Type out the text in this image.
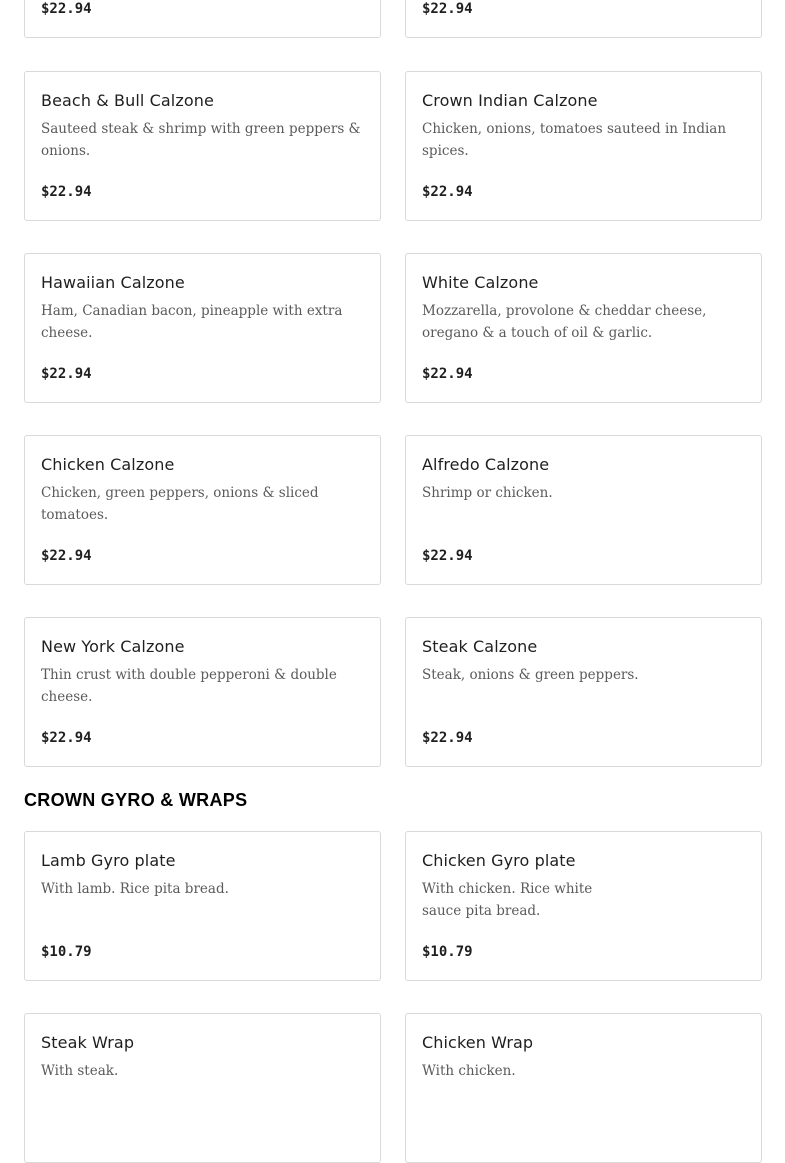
$22.94	$22.94
Beach & Bull Calzone
Sauteed steak & shrimp with green peppers & onions.
$22.94
Crown Indian Calzone
Chicken, onions, tomatoes sauteed in Indian spices.
$22.94
Hawaiian Calzone
Ham, Canadian bacon, pineapple with extra cheese.
$22.94
White Calzone
Mozzarella, provolone & cheddar cheese, oregano & a touch of oil & garlic.
$22.94
Chicken Calzone
Chicken, green peppers, onions & sliced tomatoes.
$22.94
Alfredo Calzone
Shrimp or chicken.
$22.94
New York Calzone
Thin crust with double pepperoni & double cheese.
$22.94
Steak Calzone
Steak, onions & green peppers.
$22.94
CROWN GYRO & WRAPS
Lamb Gyro plate
With lamb. Rice pita bread.
$10.79
Chicken Gyro plate
With chicken. Rice white sauce pita bread.
$10.79
Steak Wrap
With steak.
Chicken Wrap
With chicken.
